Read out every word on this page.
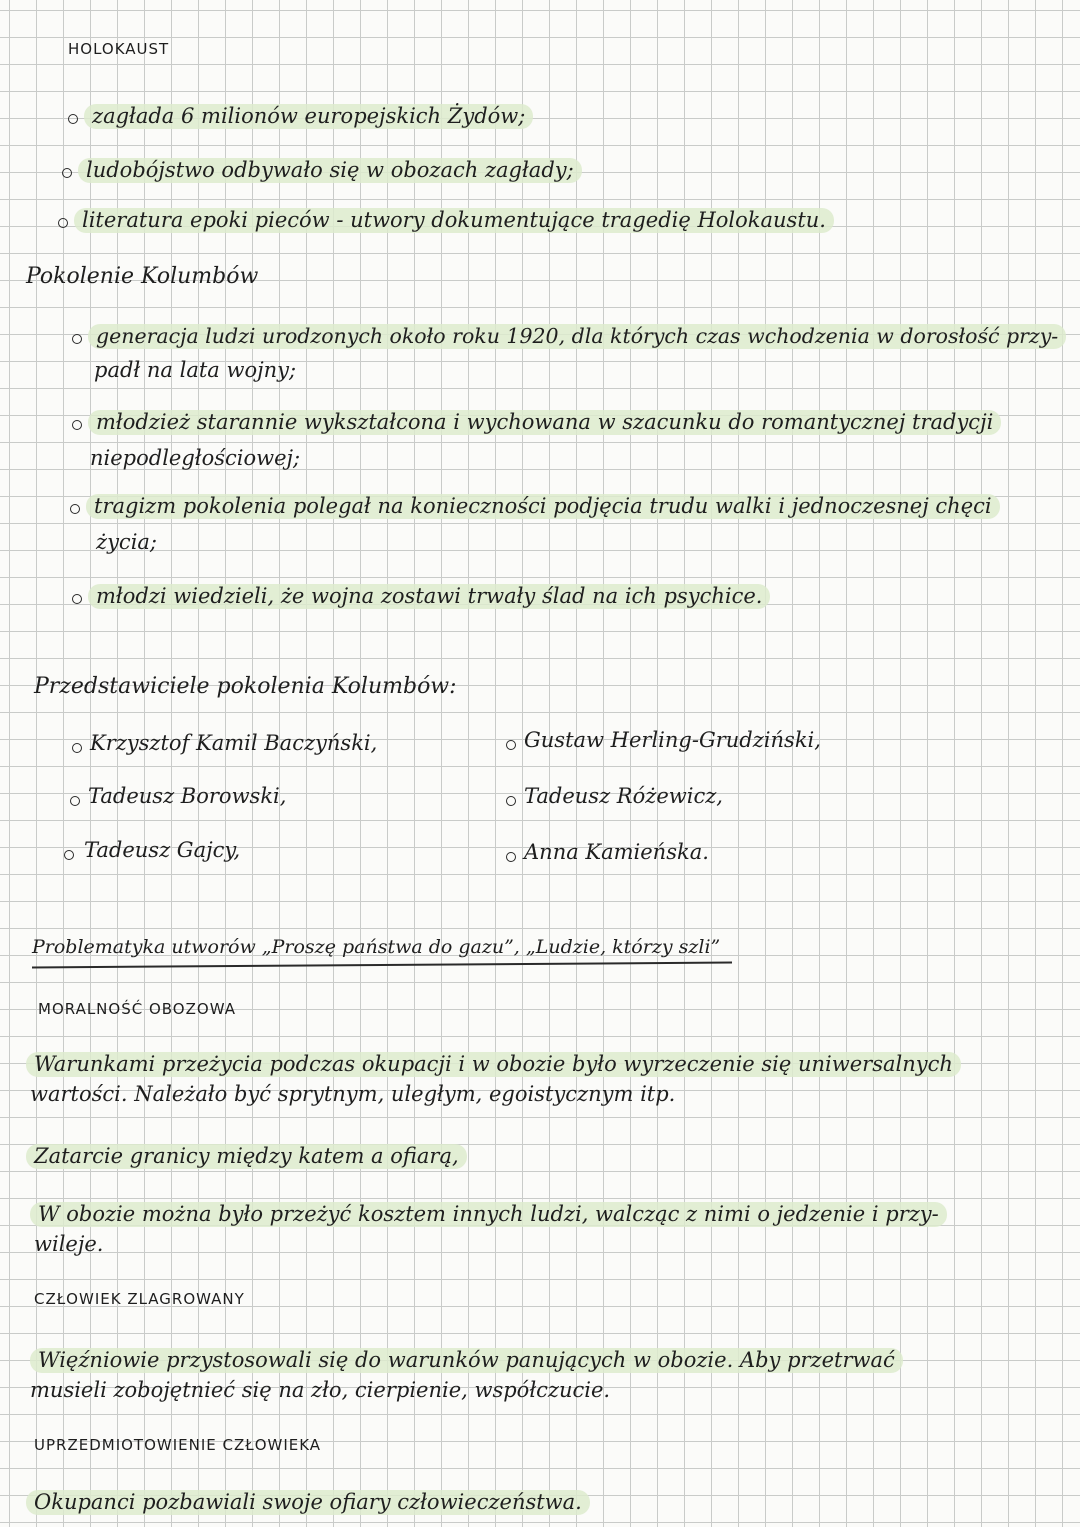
HOLOKAUST
zagłada 6 milionów europejskich Żydów;
ludobójstwo odbywało się w obozach zagłady;
literatura epoki pieców - utwory dokumentujące tragedię Holokaustu.
Pokolenie Kolumbów
generacja ludzi urodzonych około roku 1920, dla których czas wchodzenia w dorosłość przy-
padł na lata wojny;
młodzież starannie wykształcona i wychowana w szacunku do romantycznej tradycji
niepodległościowej;
tragizm pokolenia polegał na konieczności podjęcia trudu walki i jednoczesnej chęci
życia;
młodzi wiedzieli, że wojna zostawi trwały ślad na ich psychice.
Przedstawiciele pokolenia Kolumbów:
Krzysztof Kamil Baczyński,
Tadeusz Borowski,
Tadeusz Gajcy,
Gustaw Herling-Grudziński,
Tadeusz Różewicz,
Anna Kamieńska.
Problematyka utworów „Proszę państwa do gazu”, „Ludzie, którzy szli”
MORALNOŚĆ OBOZOWA
Warunkami przeżycia podczas okupacji i w obozie było wyrzeczenie się uniwersalnych
wartości. Należało być sprytnym, uległym, egoistycznym itp.
Zatarcie granicy między katem a ofiarą,
W obozie można było przeżyć kosztem innych ludzi, walcząc z nimi o jedzenie i przy-
wileje.
CZŁOWIEK ZLAGROWANY
Więźniowie przystosowali się do warunków panujących w obozie. Aby przetrwać
musieli zobojętnieć się na zło, cierpienie, współczucie.
UPRZEDMIOTOWIENIE CZŁOWIEKA
Okupanci pozbawiali swoje ofiary człowieczeństwa.
